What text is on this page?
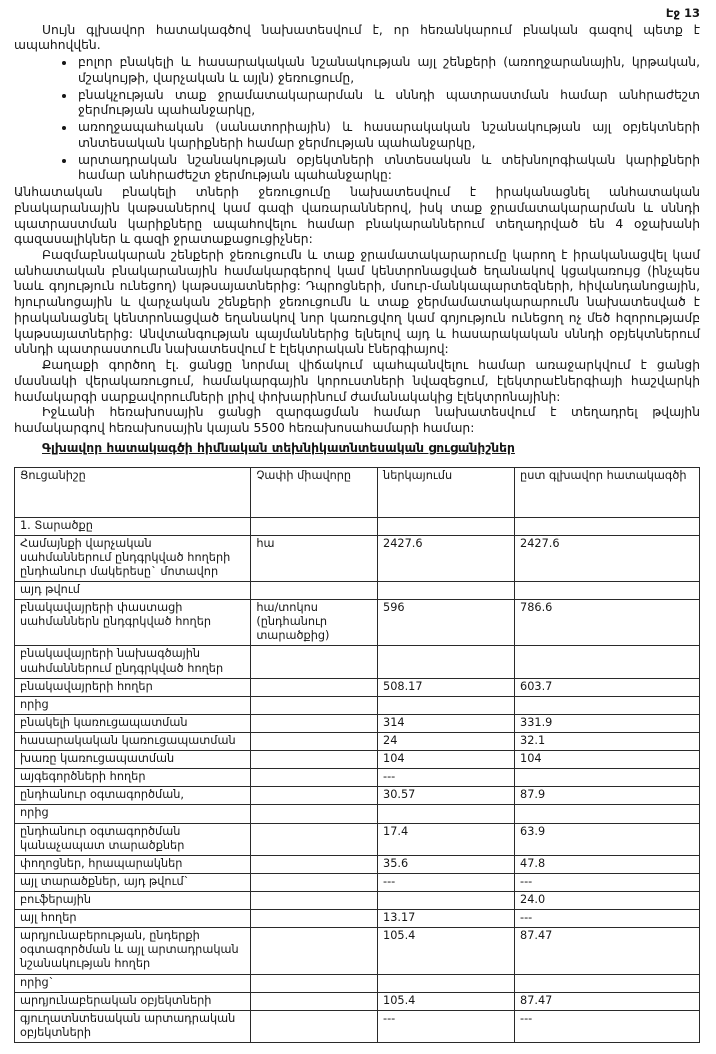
Էջ 13

Սույն գլխավոր հատակագծով նախատեսվում է, որ հեռանկարում բնական գազով պետք է ապահովվեն.

• բոլոր բնակելի և հասարակական նշանակության այլ շենքերի (առողջարանային, կրթական, մշակույթի, վարչական և այլն) ջեռուցումը,
• բնակչության տաք ջրամատակարարման և սննդի պատրաստման համար անհրաժեշտ ջերմության պահանջարկը,
• առողջապահական (սանատորիային) և հասարակական նշանակության այլ օբյեկտների տնտեսական կարիքների համար ջերմության պահանջարկը,
• արտադրական նշանակության օբյեկտների տնտեսական և տեխնոլոգիական կարիքների համար անհրաժեշտ ջերմության պահանջարկը:

Անհատական բնակելի տների ջեռուցումը նախատեսվում է իրականացնել անհատական բնակարանային կաթսաներով կամ գազի վառարաններով, իսկ տաք ջրամատակարարման և սննդի պատրաստման կարիքները ապահովելու համար բնակարաններում տեղադրված են 4 օջախանի գազասալիկներ և գազի ջրատաքացուցիչներ:

Բազմաբնակարան շենքերի ջեռուցումն և տաք ջրամատակարարումը կարող է իրականացվել կամ անհատական բնակարանային համակարգերով կամ կենտրոնացված եղանակով կցակառույց (ինչպես նաև գոյություն ունեցող) կաթսայատներից: Դպրոցների, մսուր-մանկապարտեզների, հիվանդանոցային, հյուրանոցային և վարչական շենքերի ջեռուցումն և տաք ջերմամատակարարումն նախատեսված է իրականացնել կենտրոնացված եղանակով նոր կառուցվող կամ գոյություն ունեցող ոչ մեծ հզորությամբ կաթսայատներից: Անվտանգության պայմաններից ելնելով այդ և հասարակական սննդի օբյեկտներում սննդի պատրաստումն նախատեսվում է էլեկտրական էներգիայով:

Քաղաքի գործող էլ. ցանցը նորմալ վիճակում պահպանվելու համար առաջարկվում է ցանցի մասնակի վերակառուցում, համակարգային կորուստների նվազեցում, էլեկտրաէներգիայի հաշվարկի համակարգի սարքավորումների լրիվ փոխարինում ժամանակակից էլեկտրոնայինի:

Իջևանի հեռախոսային ցանցի զարգացման համար նախատեսվում է տեղադրել թվային համակարգով հեռախոսային կայան 5500 հեռախոսահամարի համար:

Գլխավոր հատակագծի հիմնական տեխնիկատնտեսական ցուցանիշներ

Ցուցանիշը	Չափի միավորը	ներկայումս	ըստ գլխավոր հատակագծի
1. Տարածքը			
Համայնքի վարչական սահմաններում ընդգրկված հողերի ընդհանուր մակերեսը` մոտավոր	հա	2427.6	2427.6
այդ թվում			
բնակավայրերի փաստացի սահմաններն ընդգրկված հողեր	հա/տոկոս (ընդհանուր տարածքից)	596	786.6
բնակավայրերի նախագծային սահմաններում ընդգրկված հողեր			
բնակավայրերի հողեր		508.17	603.7
որից			
բնակելի կառուցապատման		314	331.9
հասարակական կառուցապատման		24	32.1
խառը կառուցապատման		104	104
այգեգործների հողեր		---	
ընդհանուր օգտագործման,		30.57	87.9
որից			
ընդհանուր օգտագործման կանաչապատ տարածքներ		17.4	63.9
փողոցներ, հրապարակներ		35.6	47.8
այլ տարածքներ, այդ թվում`		---	---
բուֆերային			24.0
այլ հողեր		13.17	---
արդյունաբերության, ընդերքի օգտագործման և այլ արտադրական նշանակության հողեր		105.4	87.47
որից`			
արդյունաբերական օբյեկտների		105.4	87.47
գյուղատնտեսական արտադրական օբյեկտների		---	---
